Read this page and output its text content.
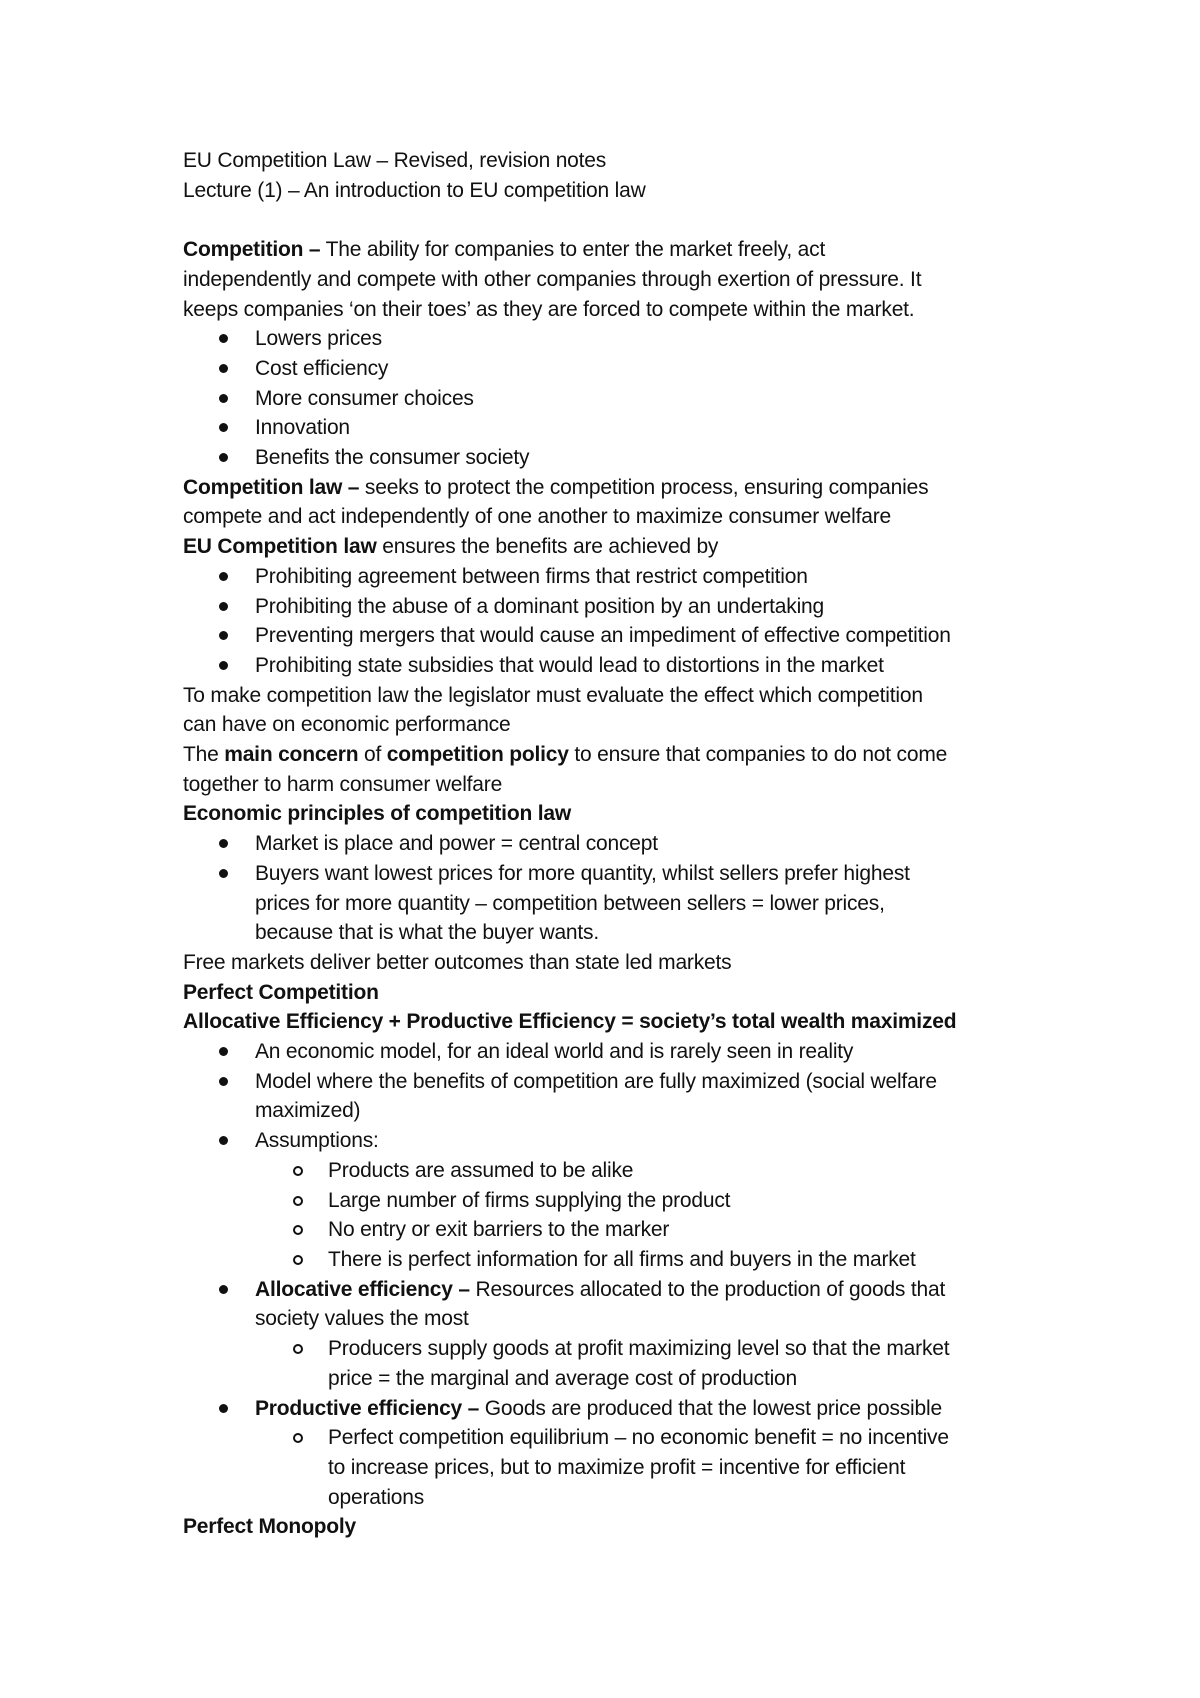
EU Competition Law – Revised, revision notes
Lecture (1) – An introduction to EU competition law
Competition – The ability for companies to enter the market freely, act
independently and compete with other companies through exertion of pressure. It
keeps companies ‘on their toes’ as they are forced to compete within the market.
Lowers prices
Cost efficiency
More consumer choices
Innovation
Benefits the consumer society
Competition law – seeks to protect the competition process, ensuring companies
compete and act independently of one another to maximize consumer welfare
EU Competition law ensures the benefits are achieved by
Prohibiting agreement between firms that restrict competition
Prohibiting the abuse of a dominant position by an undertaking
Preventing mergers that would cause an impediment of effective competition
Prohibiting state subsidies that would lead to distortions in the market
To make competition law the legislator must evaluate the effect which competition
can have on economic performance
The main concern of competition policy to ensure that companies to do not come
together to harm consumer welfare
Economic principles of competition law
Market is place and power = central concept
Buyers want lowest prices for more quantity, whilst sellers prefer highest
prices for more quantity – competition between sellers = lower prices,
because that is what the buyer wants.
Free markets deliver better outcomes than state led markets
Perfect Competition
Allocative Efficiency + Productive Efficiency = society’s total wealth maximized
An economic model, for an ideal world and is rarely seen in reality
Model where the benefits of competition are fully maximized (social welfare
maximized)
Assumptions:
Products are assumed to be alike
Large number of firms supplying the product
No entry or exit barriers to the marker
There is perfect information for all firms and buyers in the market
Allocative efficiency – Resources allocated to the production of goods that
society values the most
Producers supply goods at profit maximizing level so that the market
price = the marginal and average cost of production
Productive efficiency – Goods are produced that the lowest price possible
Perfect competition equilibrium – no economic benefit = no incentive
to increase prices, but to maximize profit = incentive for efficient
operations
Perfect Monopoly
